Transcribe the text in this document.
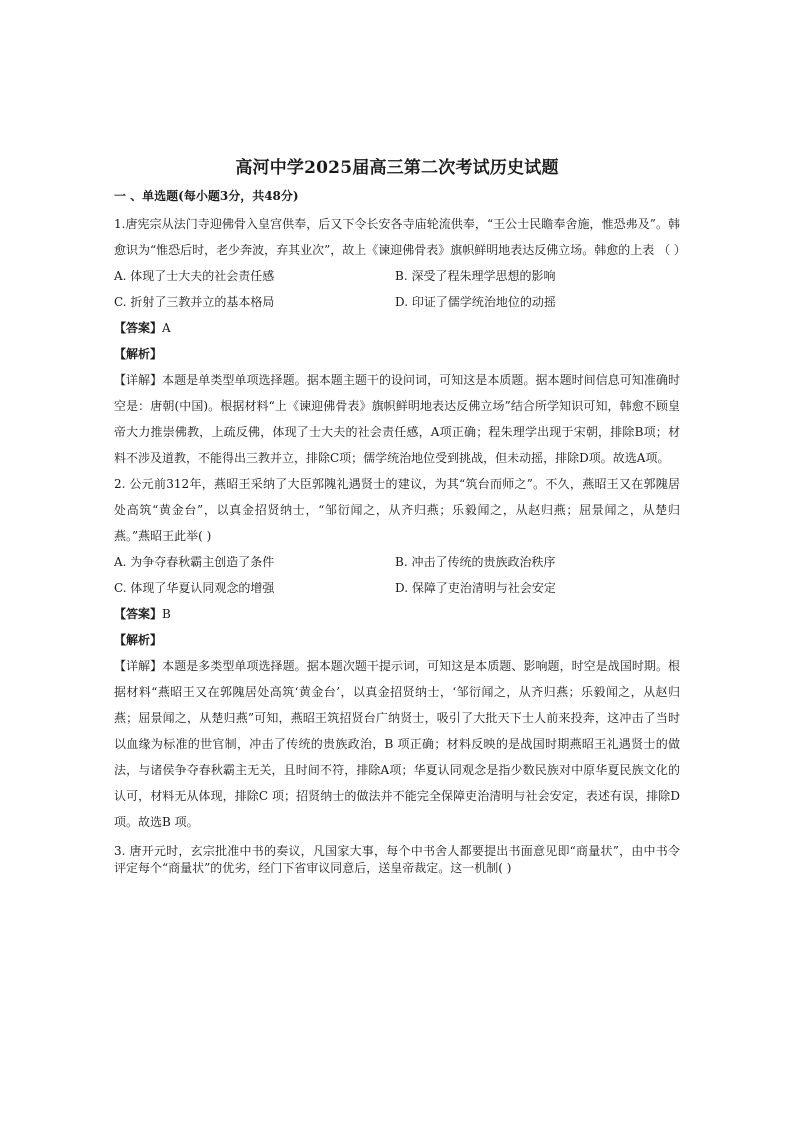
高河中学2025届高三第二次考试历史试题
一 、单选题(每小题3分，共48分)

1.唐宪宗从法门寺迎佛骨入皇宫供奉，后又下令长安各寺庙轮流供奉，“王公士民瞻奉舍施，惟恐弗及”。韩愈识为“惟恐后时，老少奔波，弃其业次”，故上《谏迎佛骨表》旗帜鲜明地表达反佛立场。韩愈的上表 （ ）

A. 体现了士大夫的社会责任感	B. 深受了程朱理学思想的影响
C. 折射了三教并立的基本格局	D. 印证了儒学统治地位的动摇

【答案】A

【解析】

【详解】本题是单类型单项选择题。据本题主题干的设问词，可知这是本质题。据本题时间信息可知准确时空是：唐朝(中国)。根据材料“上《谏迎佛骨表》旗帜鲜明地表达反佛立场”结合所学知识可知，韩愈不顾皇帝大力推崇佛教，上疏反佛，体现了士大夫的社会责任感，A项正确；程朱理学出现于宋朝，排除B项；材料不涉及道教，不能得出三教并立，排除C项；儒学统治地位受到挑战，但未动摇，排除D项。故选A项。

2. 公元前312年，燕昭王采纳了大臣郭隗礼遇贤士的建议，为其“筑台而师之”。不久，燕昭王又在郭隗居处高筑“黄金台”，以真金招贤纳士，“邹衍闻之，从齐归燕；乐毅闻之，从赵归燕；屈景闻之，从楚归燕。”燕昭王此举( )

A. 为争夺春秋霸主创造了条件	B. 冲击了传统的贵族政治秩序
C. 体现了华夏认同观念的增强	D. 保障了吏治清明与社会安定

【答案】B

【解析】

【详解】本题是多类型单项选择题。据本题次题干提示词，可知这是本质题、影响题，时空是战国时期。根据材料“燕昭王又在郭隗居处高筑‘黄金台’，以真金招贤纳士，‘邹衍闻之，从齐归燕；乐毅闻之，从赵归燕；屈景闻之，从楚归燕”可知，燕昭王筑招贤台广纳贤士，吸引了大批天下士人前来投奔，这冲击了当时以血缘为标准的世官制，冲击了传统的贵族政治，B 项正确；材料反映的是战国时期燕昭王礼遇贤士的做法，与诸侯争夺春秋霸主无关，且时间不符，排除A项；华夏认同观念是指少数民族对中原华夏民族文化的认可，材料无从体现，排除C 项；招贤纳士的做法并不能完全保障吏治清明与社会安定，表述有误，排除D 项。故选B 项。

3. 唐开元时，玄宗批准中书的奏议，凡国家大事，每个中书舍人都要提出书面意见即“商量状”，由中书令评定每个“商量状”的优劣，经门下省审议同意后，送皇帝裁定。这一机制( )
